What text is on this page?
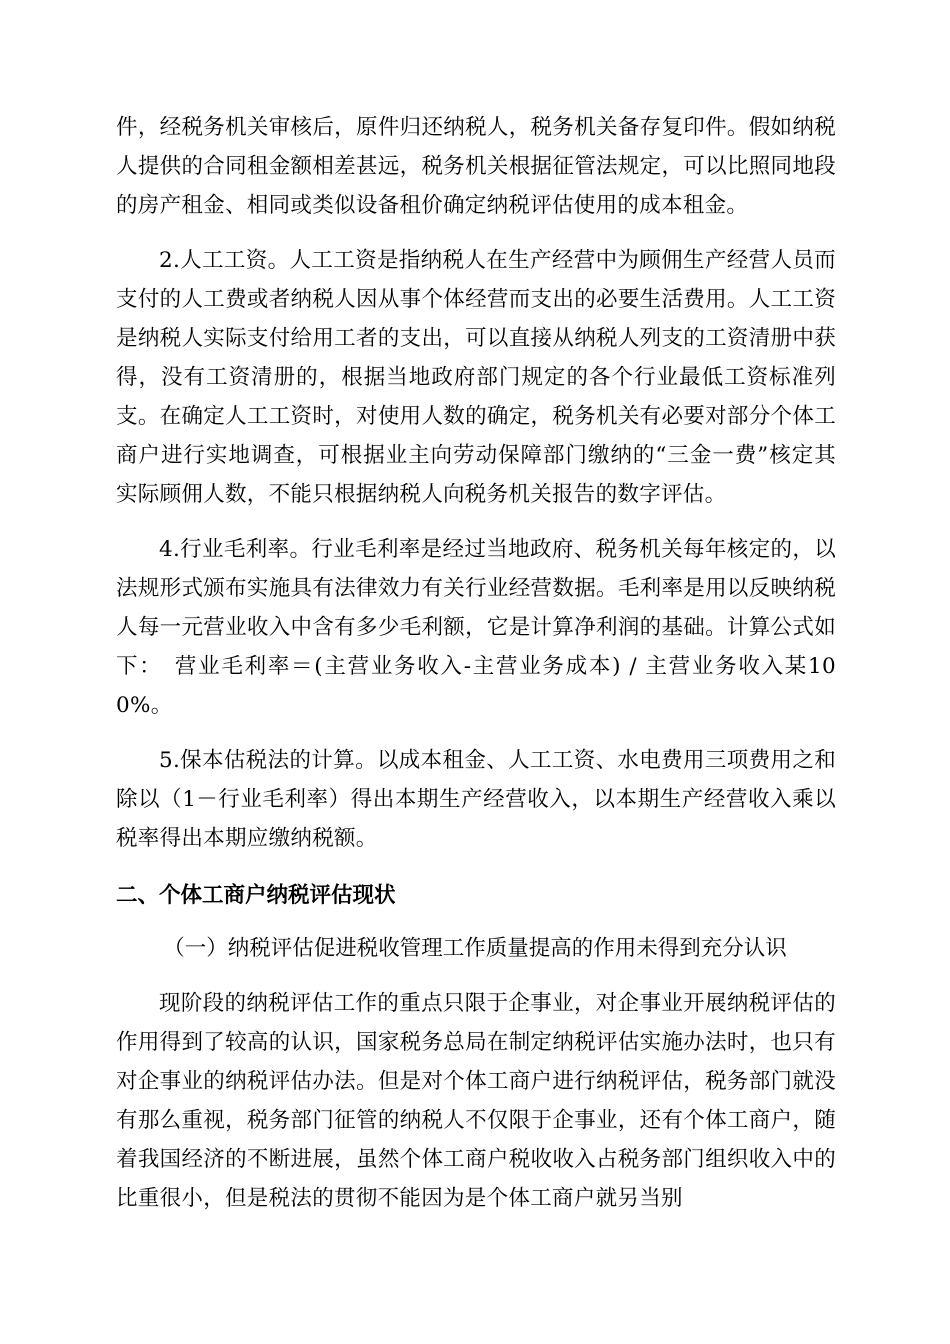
件，经税务机关审核后，原件归还纳税人，税务机关备存复印件。假如纳税人提供的合同租金额相差甚远，税务机关根据征管法规定，可以比照同地段的房产租金、相同或类似设备租价确定纳税评估使用的成本租金。

2.人工工资。人工工资是指纳税人在生产经营中为顾佣生产经营人员而支付的人工费或者纳税人因从事个体经营而支出的必要生活费用。人工工资是纳税人实际支付给用工者的支出，可以直接从纳税人列支的工资清册中获得，没有工资清册的，根据当地政府部门规定的各个行业最低工资标准列支。在确定人工工资时，对使用人数的确定，税务机关有必要对部分个体工商户进行实地调查，可根据业主向劳动保障部门缴纳的“三金一费”核定其实际顾佣人数，不能只根据纳税人向税务机关报告的数字评估。

4.行业毛利率。行业毛利率是经过当地政府、税务机关每年核定的，以法规形式颁布实施具有法律效力有关行业经营数据。毛利率是用以反映纳税人每一元营业收入中含有多少毛利额，它是计算净利润的基础。计算公式如下：　营业毛利率＝(主营业务收入-主营业务成本) / 主营业务收入某100%。

5.保本估税法的计算。以成本租金、人工工资、水电费用三项费用之和除以（1－行业毛利率）得出本期生产经营收入，以本期生产经营收入乘以税率得出本期应缴纳税额。

二、个体工商户纳税评估现状

（一）纳税评估促进税收管理工作质量提高的作用未得到充分认识

现阶段的纳税评估工作的重点只限于企事业，对企事业开展纳税评估的作用得到了较高的认识，国家税务总局在制定纳税评估实施办法时，也只有对企事业的纳税评估办法。但是对个体工商户进行纳税评估，税务部门就没有那么重视，税务部门征管的纳税人不仅限于企事业，还有个体工商户，随着我国经济的不断进展，虽然个体工商户税收收入占税务部门组织收入中的比重很小，但是税法的贯彻不能因为是个体工商户就另当别
